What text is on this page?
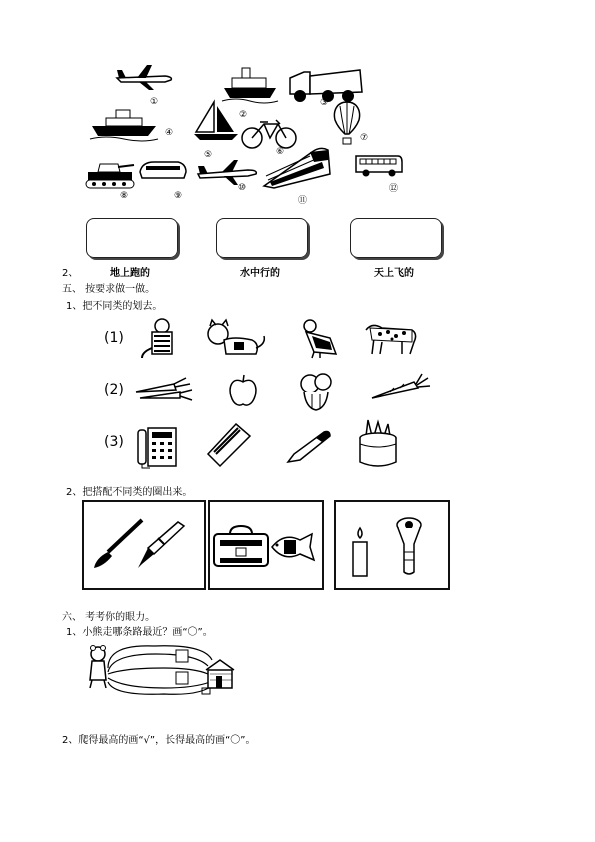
①
②
③
④
⑤	⑥
⑦
⑧	⑨
⑩
⑪
⑫
2、	地上跑的	水中行的	天上飞的
五、 按要求做一做。
1、把不同类的划去。
(1)
(2)
(3)
2、把搭配不同类的圈出来。
六、 考考你的眼力。
1、小熊走哪条路最近？画“〇”。
2、爬得最高的画“√”，长得最高的画“〇”。
